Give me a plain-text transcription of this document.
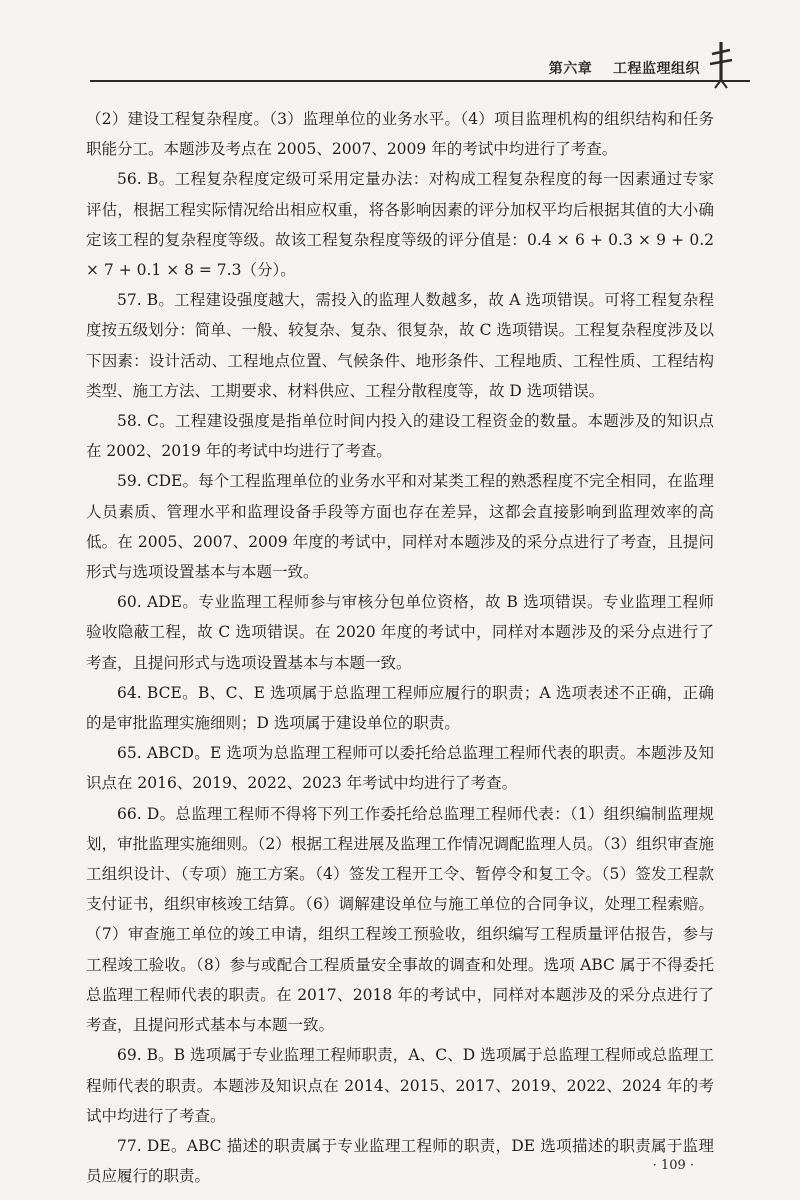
第六章 工程监理组织

（2）建设工程复杂程度。（3）监理单位的业务水平。（4）项目监理机构的组织结构和任务职能分工。本题涉及考点在 2005、2007、2009 年的考试中均进行了考查。

56. B。工程复杂程度定级可采用定量办法：对构成工程复杂程度的每一因素通过专家评估，根据工程实际情况给出相应权重，将各影响因素的评分加权平均后根据其值的大小确定该工程的复杂程度等级。故该工程复杂程度等级的评分值是：0.4 × 6 + 0.3 × 9 + 0.2 × 7 + 0.1 × 8 = 7.3（分）。

57. B。工程建设强度越大，需投入的监理人数越多，故 A 选项错误。可将工程复杂程度按五级划分：简单、一般、较复杂、复杂、很复杂，故 C 选项错误。工程复杂程度涉及以下因素：设计活动、工程地点位置、气候条件、地形条件、工程地质、工程性质、工程结构类型、施工方法、工期要求、材料供应、工程分散程度等，故 D 选项错误。

58. C。工程建设强度是指单位时间内投入的建设工程资金的数量。本题涉及的知识点在 2002、2019 年的考试中均进行了考查。

59. CDE。每个工程监理单位的业务水平和对某类工程的熟悉程度不完全相同，在监理人员素质、管理水平和监理设备手段等方面也存在差异，这都会直接影响到监理效率的高低。在 2005、2007、2009 年度的考试中，同样对本题涉及的采分点进行了考查，且提问形式与选项设置基本与本题一致。

60. ADE。专业监理工程师参与审核分包单位资格，故 B 选项错误。专业监理工程师验收隐蔽工程，故 C 选项错误。在 2020 年度的考试中，同样对本题涉及的采分点进行了考查，且提问形式与选项设置基本与本题一致。

64. BCE。B、C、E 选项属于总监理工程师应履行的职责；A 选项表述不正确，正确的是审批监理实施细则；D 选项属于建设单位的职责。

65. ABCD。E 选项为总监理工程师可以委托给总监理工程师代表的职责。本题涉及知识点在 2016、2019、2022、2023 年考试中均进行了考查。

66. D。总监理工程师不得将下列工作委托给总监理工程师代表：（1）组织编制监理规划，审批监理实施细则。（2）根据工程进展及监理工作情况调配监理人员。（3）组织审查施工组织设计、（专项）施工方案。（4）签发工程开工令、暂停令和复工令。（5）签发工程款支付证书，组织审核竣工结算。（6）调解建设单位与施工单位的合同争议，处理工程索赔。（7）审查施工单位的竣工申请，组织工程竣工预验收，组织编写工程质量评估报告，参与工程竣工验收。（8）参与或配合工程质量安全事故的调查和处理。选项 ABC 属于不得委托总监理工程师代表的职责。在 2017、2018 年的考试中，同样对本题涉及的采分点进行了考查，且提问形式基本与本题一致。

69. B。B 选项属于专业监理工程师职责，A、C、D 选项属于总监理工程师或总监理工程师代表的职责。本题涉及知识点在 2014、2015、2017、2019、2022、2024 年的考试中均进行了考查。

77. DE。ABC 描述的职责属于专业监理工程师的职责，DE 选项描述的职责属于监理员应履行的职责。

· 109 ·
